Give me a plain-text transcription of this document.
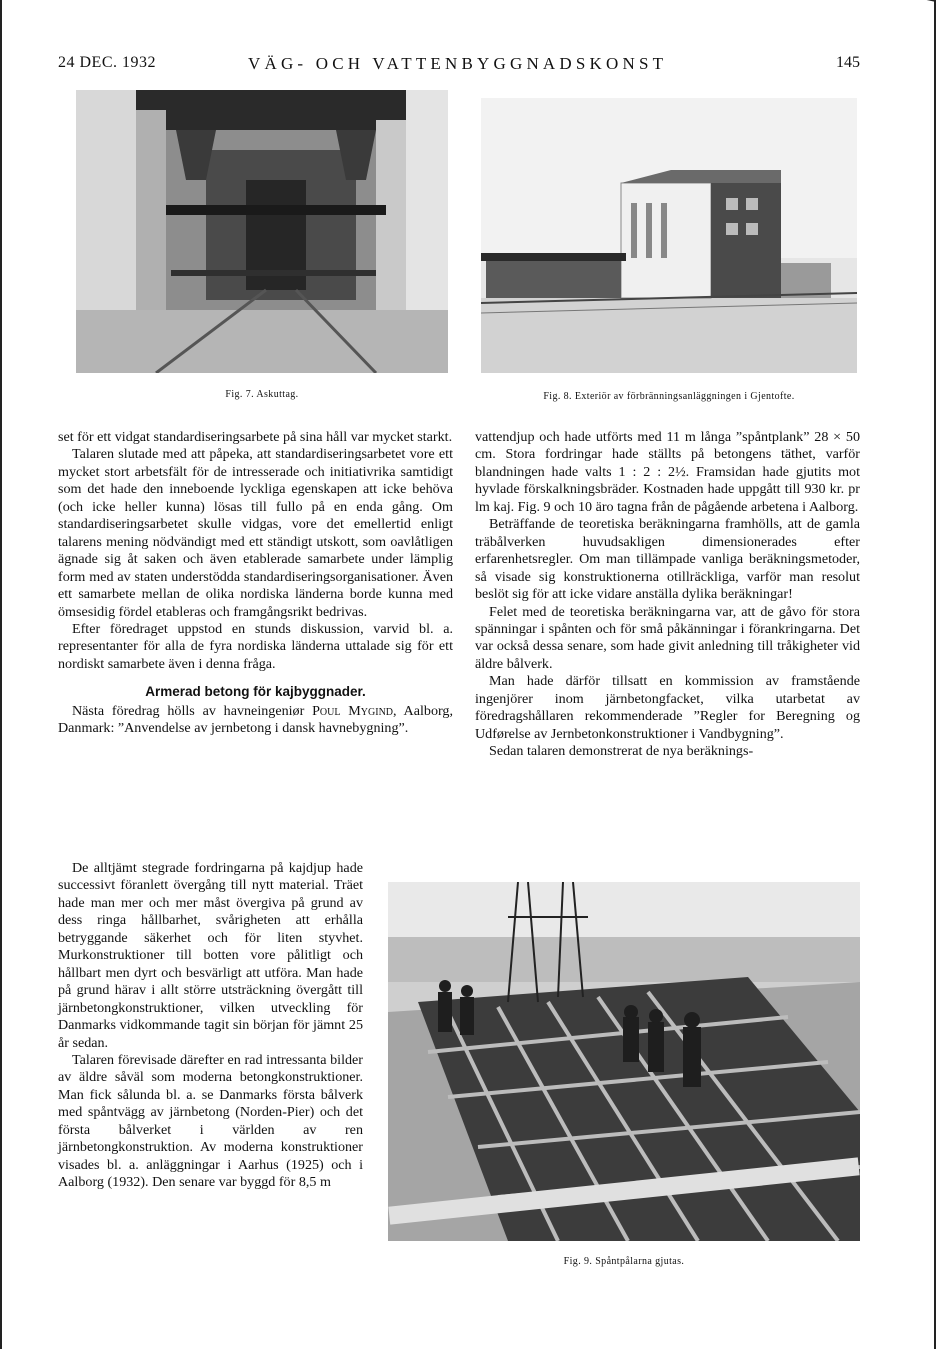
24 DEC. 1932	VÄG- OCH VATTENBYGGNADSKONST	145
Fig. 7. Askuttag.	Fig. 8. Exteriör av förbränningsanläggningen i Gjentofte.

set för ett vidgat standardiseringsarbete på sina håll var mycket starkt.

Talaren slutade med att påpeka, att standardiseringsarbetet vore ett mycket stort arbetsfält för de intresserade och initiativrika samtidigt som det hade den inneboende lyckliga egenskapen att icke behöva (och icke heller kunna) lösas till fullo på en enda gång. Om standardiseringsarbetet skulle vidgas, vore det emellertid enligt talarens mening nödvändigt med ett ständigt utskott, som oavlåtligen ägnade sig åt saken och även etablerade samarbete under lämplig form med av staten understödda standardiseringsorganisationer. Även ett samarbete mellan de olika nordiska länderna borde kunna med ömsesidig fördel etableras och framgångsrikt bedrivas.

Efter föredraget uppstod en stunds diskussion, varvid bl. a. representanter för alla de fyra nordiska länderna uttalade sig för ett nordiskt samarbete även i denna fråga.

Armerad betong för kajbyggnader.

Nästa föredrag hölls av havneingeniør Poul Mygind, Aalborg, Danmark: ”Anvendelse av jernbetong i dansk havnebygning”.

De alltjämt stegrade fordringarna på kajdjup hade successivt föranlett övergång till nytt material. Träet hade man mer och mer måst övergiva på grund av dess ringa hållbarhet, svårigheten att erhålla betryggande säkerhet och för liten styvhet. Murkonstruktioner till botten vore pålitligt och hållbart men dyrt och besvärligt att utföra. Man hade på grund härav i allt större utsträckning övergått till järnbetongkonstruktioner, vilken utveckling för Danmarks vidkommande tagit sin början för jämnt 25 år sedan.

Talaren förevisade därefter en rad intressanta bilder av äldre såväl som moderna betongkonstruktioner. Man fick sålunda bl. a. se Danmarks första bålverk med spåntvägg av järnbetong (Norden-Pier) och det första bålverket i världen av ren järnbetongkonstruktion. Av moderna konstruktioner visades bl. a. anläggningar i Aarhus (1925) och i Aalborg (1932). Den senare var byggd för 8,5 m

vattendjup och hade utförts med 11 m långa ”spåntplank” 28 × 50 cm. Stora fordringar hade ställts på betongens täthet, varför blandningen hade valts 1 : 2 : 2½. Framsidan hade gjutits mot hyvlade förskalkningsbräder. Kostnaden hade uppgått till 930 kr. pr lm kaj. Fig. 9 och 10 äro tagna från de pågående arbetena i Aalborg.

Beträffande de teoretiska beräkningarna framhölls, att de gamla träbålverken huvudsakligen dimensionerades efter erfarenhetsregler. Om man tillämpade vanliga beräkningsmetoder, så visade sig konstruktionerna otillräckliga, varför man resolut beslöt sig för att icke vidare anställa dylika beräkningar!

Felet med de teoretiska beräkningarna var, att de gåvo för stora spänningar i spånten och för små påkänningar i förankringarna. Det var också dessa senare, som hade givit anledning till tråkigheter vid äldre bålverk.

Man hade därför tillsatt en kommission av framstående ingenjörer inom järnbetongfacket, vilka utarbetat av föredragshållaren rekommenderade ”Regler for Beregning og Udførelse av Jernbetonkonstruktioner i Vandbygning”.

Sedan talaren demonstrerat de nya beräknings-

Fig. 9. Spåntpålarna gjutas.
